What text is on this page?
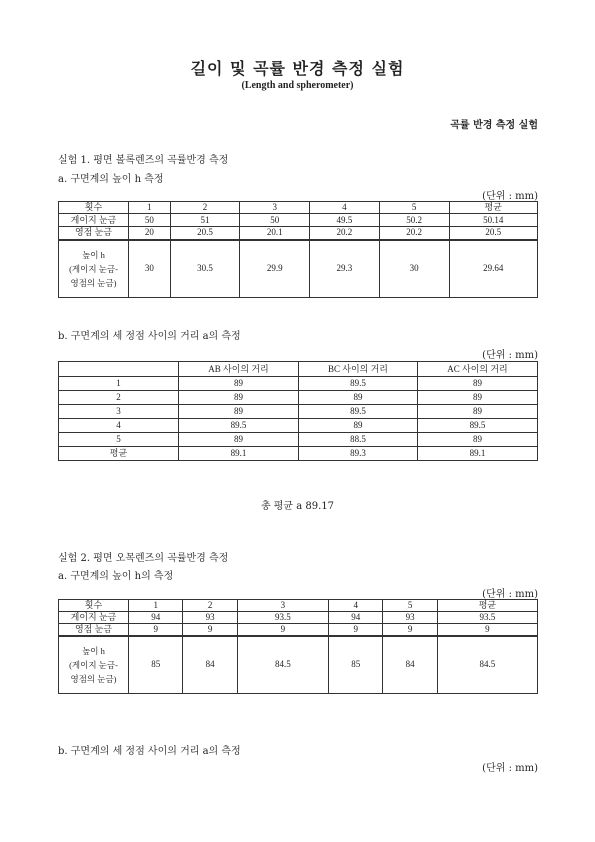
길이 및 곡률 반경 측정 실험
(Length and spherometer)
곡률 반경 측정 실험
실험 1. 평면 볼록렌즈의 곡률반경 측정
a. 구면계의 높이 h 측정
(단위 : mm)
횟수	1	2	3	4	5	평균
게이지 눈금	50	51	50	49.5	50.2	50.14
영점 눈금	20	20.5	20.1	20.2	20.2	20.5

높이 h
(게이지 눈금-
영점의 눈금)	30	30.5	29.9	29.3	30	29.64
b. 구면계의 세 정점 사이의 거리 a의 측정
(단위 : mm)
	AB 사이의 거리	BC 사이의 거리	AC 사이의 거리
1	89	89.5	89
2	89	89	89
3	89	89.5	89
4	89.5	89	89.5
5	89	88.5	89
평균	89.1	89.3	89.1
총 평균 a 89.17
실험 2. 평면 오목렌즈의 곡률반경 측정
a. 구면계의 높이 h의 측정
(단위 : mm)
횟수	1	2	3	4	5	평균
게이지 눈금	94	93	93.5	94	93	93.5
영점 눈금	9	9	9	9	9	9

높이 h
(게이지 눈금-
영점의 눈금)	85	84	84.5	85	84	84.5
b. 구면계의 세 정점 사이의 거리 a의 측정
(단위 : mm)
